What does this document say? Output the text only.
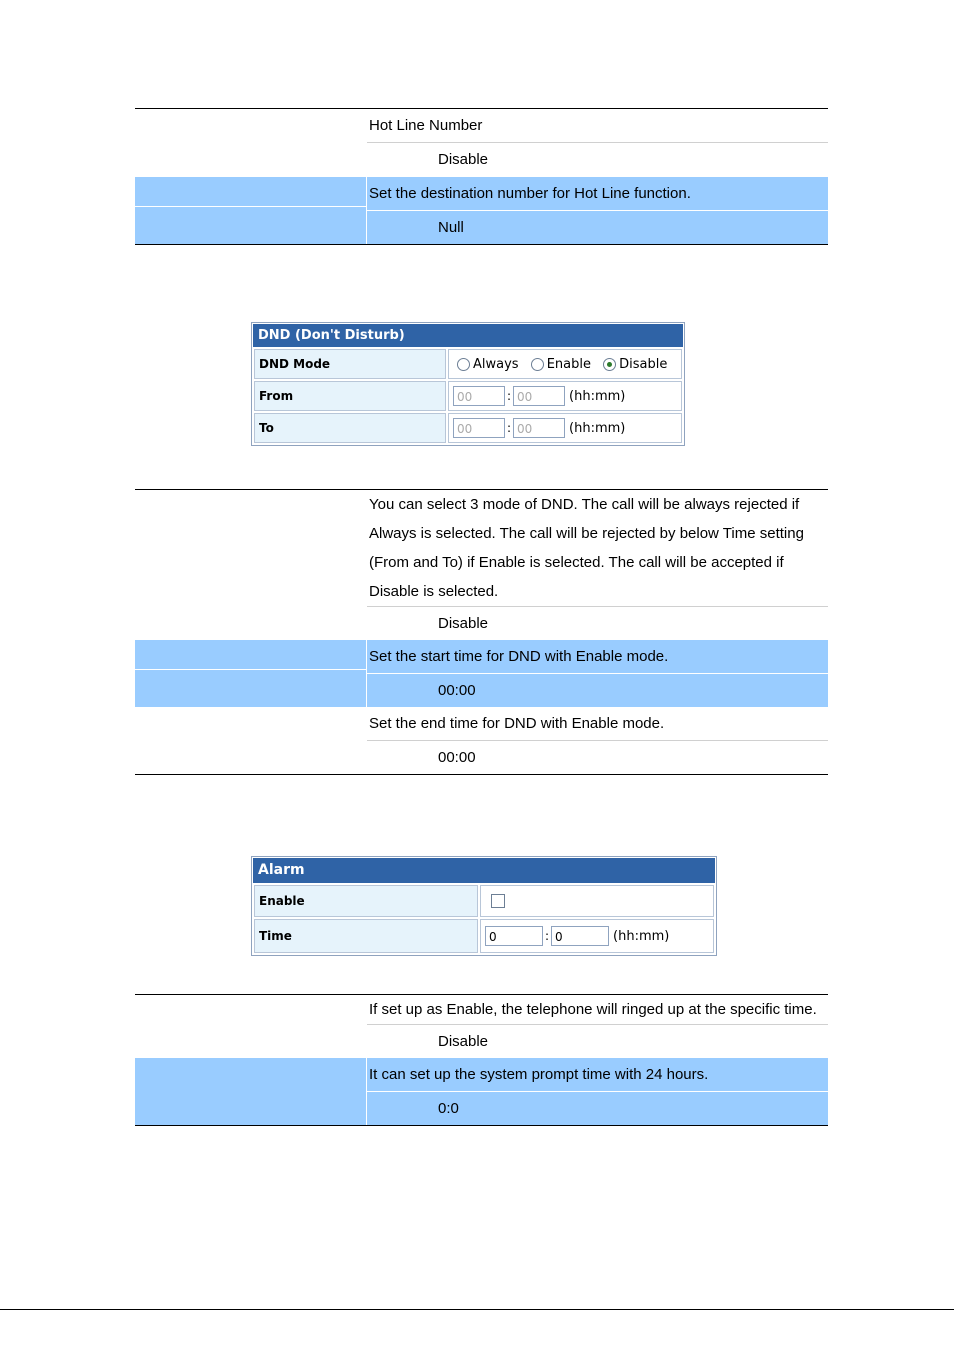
Hot Line Number
Disable
Set the destination number for Hot Line function.
Null
DND (Don't Disturb)
DND Mode	Always Enable Disable
From	00 : 00 (hh:mm)
To	00 : 00 (hh:mm)
You can select 3 mode of DND. The call will be always rejected if Always is selected. The call will be rejected by below Time setting (From and To) if Enable is selected. The call will be accepted if Disable is selected.
Disable
Set the start time for DND with Enable mode.
00:00
Set the end time for DND with Enable mode.
00:00
Alarm
Enable	
Time	0 : 0 (hh:mm)
If set up as Enable, the telephone will ringed up at the specific time.
Disable
It can set up the system prompt time with 24 hours.
0:0
